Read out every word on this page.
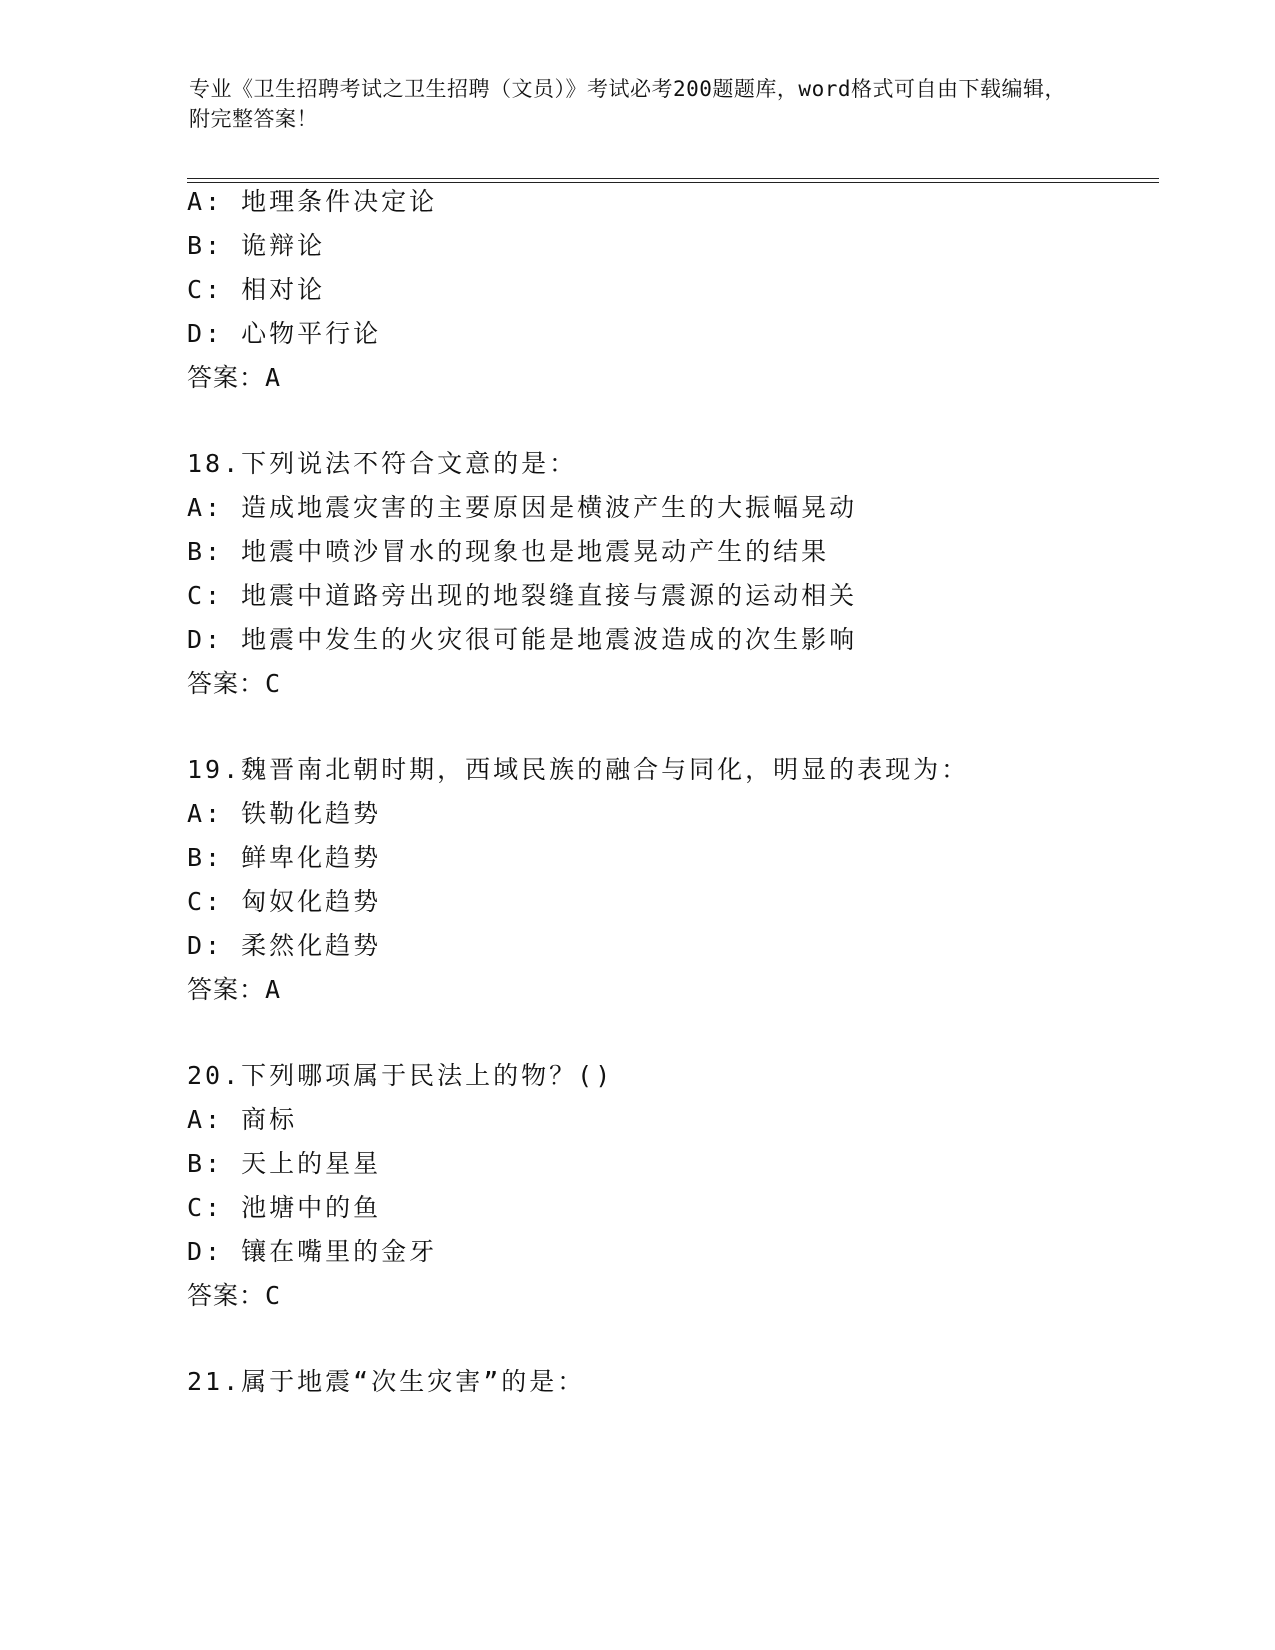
专业《卫生招聘考试之卫生招聘（文员）》考试必考200题题库，word格式可自由下载编辑，附完整答案！
A: 地理条件决定论
B: 诡辩论
C: 相对论
D: 心物平行论
答案：A
18.下列说法不符合文意的是：
A: 造成地震灾害的主要原因是横波产生的大振幅晃动
B: 地震中喷沙冒水的现象也是地震晃动产生的结果
C: 地震中道路旁出现的地裂缝直接与震源的运动相关
D: 地震中发生的火灾很可能是地震波造成的次生影响
答案：C
19.魏晋南北朝时期，西域民族的融合与同化，明显的表现为：
A: 铁勒化趋势
B: 鲜卑化趋势
C: 匈奴化趋势
D: 柔然化趋势
答案：A
20.下列哪项属于民法上的物？()
A: 商标
B: 天上的星星
C: 池塘中的鱼
D: 镶在嘴里的金牙
答案：C
21.属于地震“次生灾害”的是：
